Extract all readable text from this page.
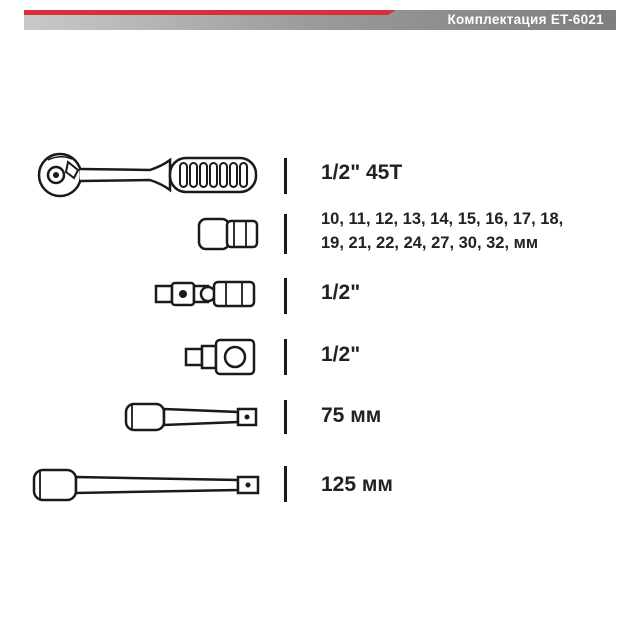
Комплектация ET-6021
1/2" 45T
10, 11, 12, 13, 14, 15, 16, 17, 18,
19, 21, 22, 24, 27, 30, 32, мм
1/2"
1/2"
75 мм
125 мм
